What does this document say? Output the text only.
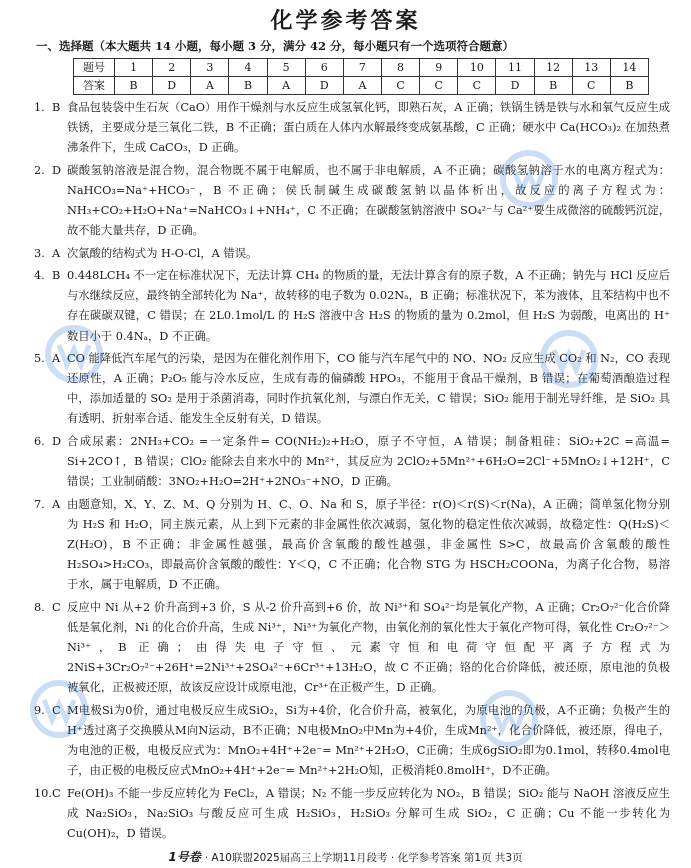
化学参考答案
一、选择题（本大题共 14 小题，每小题 3 分，满分 42 分，每小题只有一个选项符合题意）
题号	1	2	3	4	5	6	7	8	9	10	11	12	13	14
答案	B	D	A	B	A	D	A	C	C	C	D	B	C	B
1. B 食品包装袋中生石灰（CaO）用作干燥剂与水反应生成氢氧化钙，即熟石灰，A 正确；铁锅生锈是铁与水和氧气反应生成铁锈，主要成分是三氧化二铁，B 不正确；蛋白质在人体内水解最终变成氨基酸，C 正确；硬水中 Ca(HCO₃)₂ 在加热煮沸条件下，生成 CaCO₃，D 正确。
2. D 碳酸氢钠溶液是混合物，混合物既不属于电解质，也不属于非电解质，A 不正确；碳酸氢钠溶于水的电离方程式为：NaHCO₃=Na⁺+HCO₃⁻，B 不正确；侯氏制碱生成碳酸氢钠以晶体析出，故反应的离子方程式为：NH₃+CO₂+H₂O+Na⁺=NaHCO₃↓+NH₄⁺，C 不正确；在碳酸氢钠溶液中 SO₄²⁻与 Ca²⁺要生成微溶的硫酸钙沉淀，故不能大量共存，D 正确。
3. A 次氯酸的结构式为 H-O-Cl，A 错误。
4. B 0.448LCH₄ 不一定在标准状况下，无法计算 CH₄ 的物质的量，无法计算含有的原子数，A 不正确；钠先与 HCl 反应后与水继续反应，最终钠全部转化为 Na⁺，故转移的电子数为 0.02Nₐ，B 正确；标准状况下，苯为液体，且苯结构中也不存在碳碳双键，C 错误；在 2L0.1mol/L 的 H₂S 溶液中含 H₂S 的物质的量为 0.2mol，但 H₂S 为弱酸，电离出的 H⁺数目小于 0.4Nₐ，D 不正确。
5. A CO 能降低汽车尾气的污染，是因为在催化剂作用下，CO 能与汽车尾气中的 NO、NO₂ 反应生成 CO₂ 和 N₂，CO 表现还原性，A 正确；P₂O₅ 能与冷水反应，生成有毒的偏磷酸 HPO₃，不能用于食品干燥剂，B 错误；在葡萄酒酿造过程中，添加适量的 SO₂ 是用于杀菌消毒，同时作抗氧化剂，与漂白作无关，C 错误；SiO₂ 能用于制光导纤维，是 SiO₂ 具有透明、折射率合适、能发生全反射有关，D 错误。
6. D 合成尿素：2NH₃+CO₂ =一定条件= CO(NH₂)₂+H₂O，原子不守恒，A 错误；制备粗硅：SiO₂+2C =高温= Si+2CO↑，B 错误；ClO₂ 能除去自来水中的 Mn²⁺，其反应为 2ClO₂+5Mn²⁺+6H₂O=2Cl⁻+5MnO₂↓+12H⁺，C 错误；工业制硝酸：3NO₂+H₂O=2H⁺+2NO₃⁻+NO，D 正确。
7. A 由题意知，X、Y、Z、M、Q 分别为 H、C、O、Na 和 S，原子半径：r(O)＜r(S)＜r(Na)，A 正确；简单氢化物分别为 H₂S 和 H₂O，同主族元素，从上到下元素的非金属性依次减弱，氢化物的稳定性依次减弱，故稳定性：Q(H₂S)＜Z(H₂O)，B 不正确；非金属性越强，最高价含氧酸的酸性越强，非金属性 S>C，故最高价含氧酸的酸性 H₂SO₄>H₂CO₃，即最高价含氧酸的酸性：Y＜Q，C 不正确；化合物 STG 为 HSCH₂COONa，为离子化合物，易溶于水，属于电解质，D 不正确。
8. C 反应中 Ni 从+2 价升高到+3 价，S 从-2 价升高到+6 价，故 Ni³⁺和 SO₄²⁻均是氧化产物，A 正确；Cr₂O₇²⁻化合价降低是氧化剂，Ni 的化合价升高，生成 Ni³⁺，Ni³⁺为氧化产物，由氧化剂的氧化性大于氧化产物可得，氧化性 Cr₂O₇²⁻＞Ni³⁺，B 正确；由得失电子守恒、元素守恒和电荷守恒配平离子方程式为 2NiS+3Cr₂O₇²⁻+26H⁺=2Ni³⁺+2SO₄²⁻+6Cr³⁺+13H₂O，故 C 不正确；铬的化合价降低，被还原，原电池的负极被氧化，正极被还原，故该反应设计成原电池，Cr³⁺在正极产生，D 正确。
9. C M电极Si为0价，通过电极反应生成SiO₂，Si为+4价，化合价升高，被氧化，为原电池的负极，A不正确；负极产生的H⁺透过离子交换膜从M向N运动，B不正确；N电极MnO₂中Mn为+4价，生成Mn²⁺，化合价降低，被还原，得电子，为电池的正极，电极反应式为：MnO₂+4H⁺+2e⁻= Mn²⁺+2H₂O，C正确；生成6gSiO₂即为0.1mol，转移0.4mol电子，由正极的电极反应式MnO₂+4H⁺+2e⁻= Mn²⁺+2H₂O知，正极消耗0.8molH⁺，D不正确。
10. C Fe(OH)₃ 不能一步反应转化为 FeCl₂，A 错误；N₂ 不能一步反应转化为 NO₂，B 错误；SiO₂ 能与 NaOH 溶液反应生成 Na₂SiO₃，Na₂SiO₃ 与酸反应可生成 H₂SiO₃，H₂SiO₃ 分解可生成 SiO₂，C 正确；Cu 不能一步转化为 Cu(OH)₂，D 错误。
1号卷 · A10联盟2025届高三上学期11月段考 · 化学参考答案 第1页 共3页
